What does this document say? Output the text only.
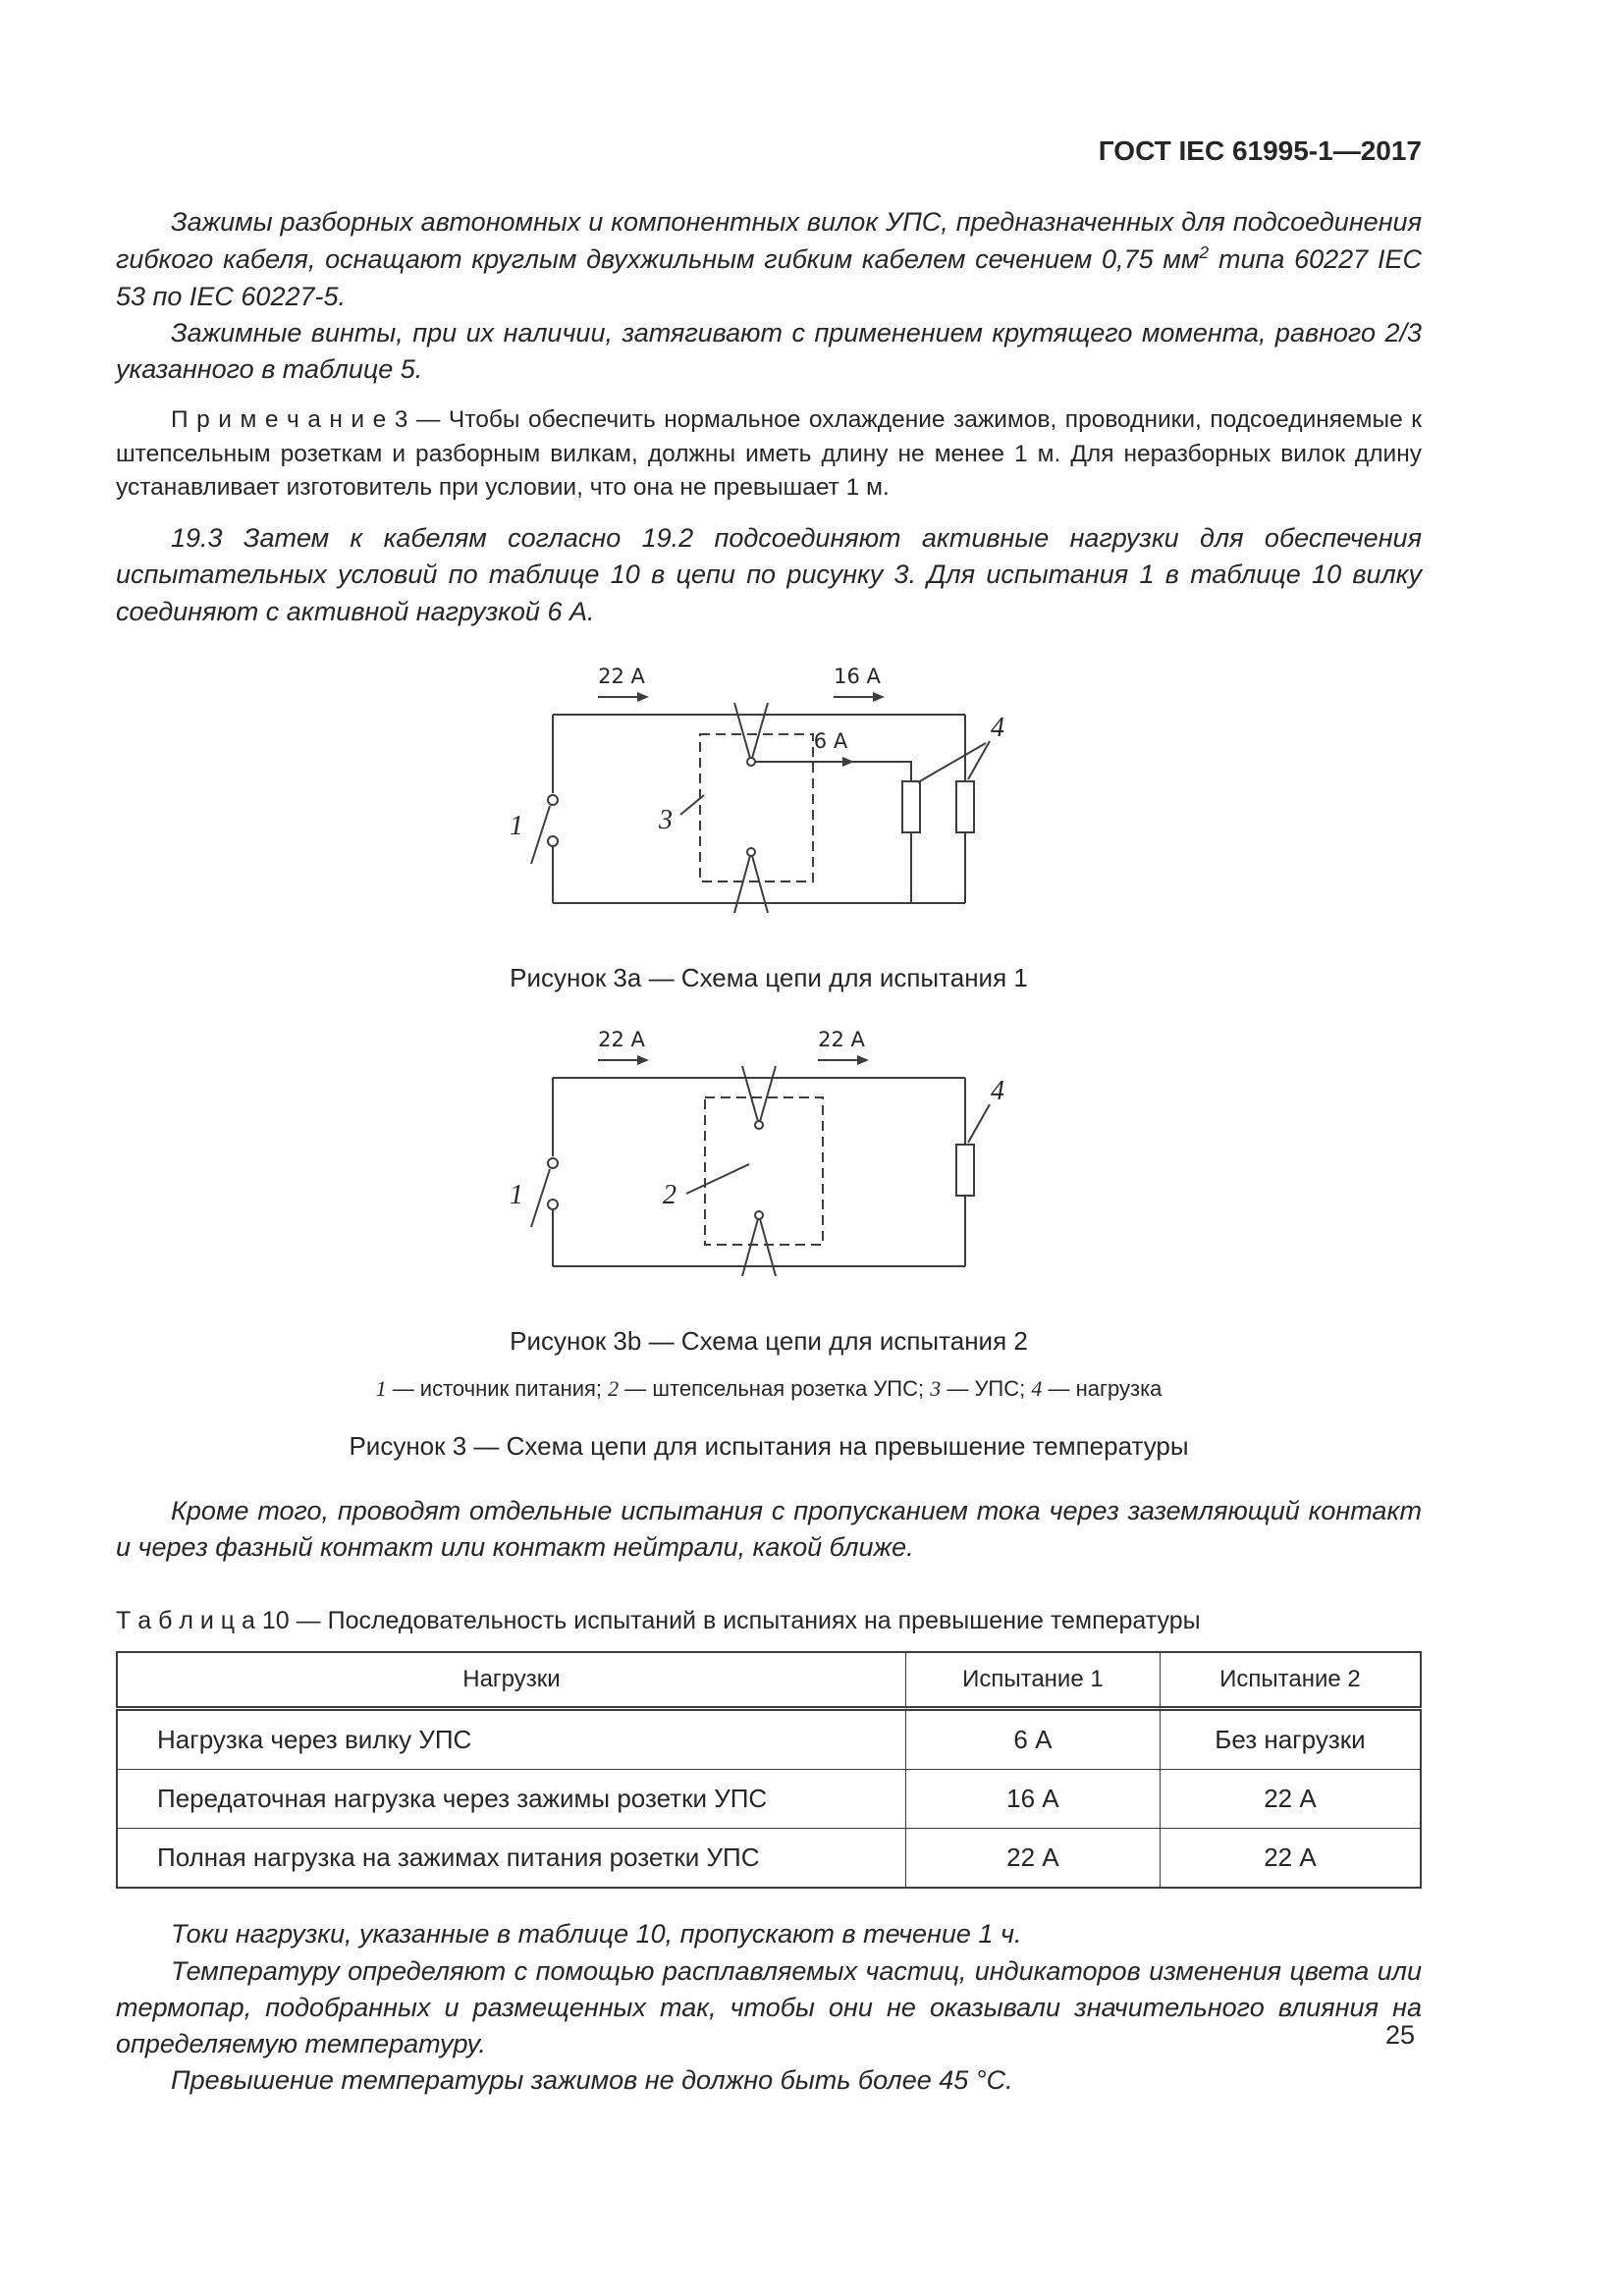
ГОСТ IEC 61995-1—2017

Зажимы разборных автономных и компонентных вилок УПС, предназначенных для подсоединения гибкого кабеля, оснащают круглым двухжильным гибким кабелем сечением 0,75 $мм^2$ типа 60227 IEC 53 по IEC 60227-5.

Зажимные винты, при их наличии, затягивают с применением крутящего момента, равного 2/3 указанного в таблице 5.

П р и м е ч а н и е 3 — Чтобы обеспечить нормальное охлаждение зажимов, проводники, подсоединяемые к штепсельным розеткам и разборным вилкам, должны иметь длину не менее 1 м. Для неразборных вилок длину устанавливает изготовитель при условии, что она не превышает 1 м.

19.3 Затем к кабелям согласно 19.2 подсоединяют активные нагрузки для обеспечения испытательных условий по таблице 10 в цепи по рисунку 3. Для испытания 1 в таблице 10 вилку соединяют с активной нагрузкой 6 А.

22 А	16 А
6 А
1	3
4
Рисунок 3а — Схема цепи для испытания 1
22 А	22 А
1	2
4
Рисунок 3b — Схема цепи для испытания 2
1 — источник питания; 2 — штепсельная розетка УПС; 3 — УПС; 4 — нагрузка
Рисунок 3 — Схема цепи для испытания на превышение температуры

Кроме того, проводят отдельные испытания с пропусканием тока через заземляющий контакт и через фазный контакт или контакт нейтрали, какой ближе.

Т а б л и ц а 10 — Последовательность испытаний в испытаниях на превышение температуры
Нагрузки	Испытание 1	Испытание 2
Нагрузка через вилку УПС	6 А	Без нагрузки
Передаточная нагрузка через зажимы розетки УПС	16 А	22 А
Полная нагрузка на зажимах питания розетки УПС	22 А	22 А

Токи нагрузки, указанные в таблице 10, пропускают в течение 1 ч.

Температуру определяют с помощью расплавляемых частиц, индикаторов изменения цвета или термопар, подобранных и размещенных так, чтобы они не оказывали значительного влияния на определяемую температуру.

Превышение температуры зажимов не должно быть более 45 °С.

25
